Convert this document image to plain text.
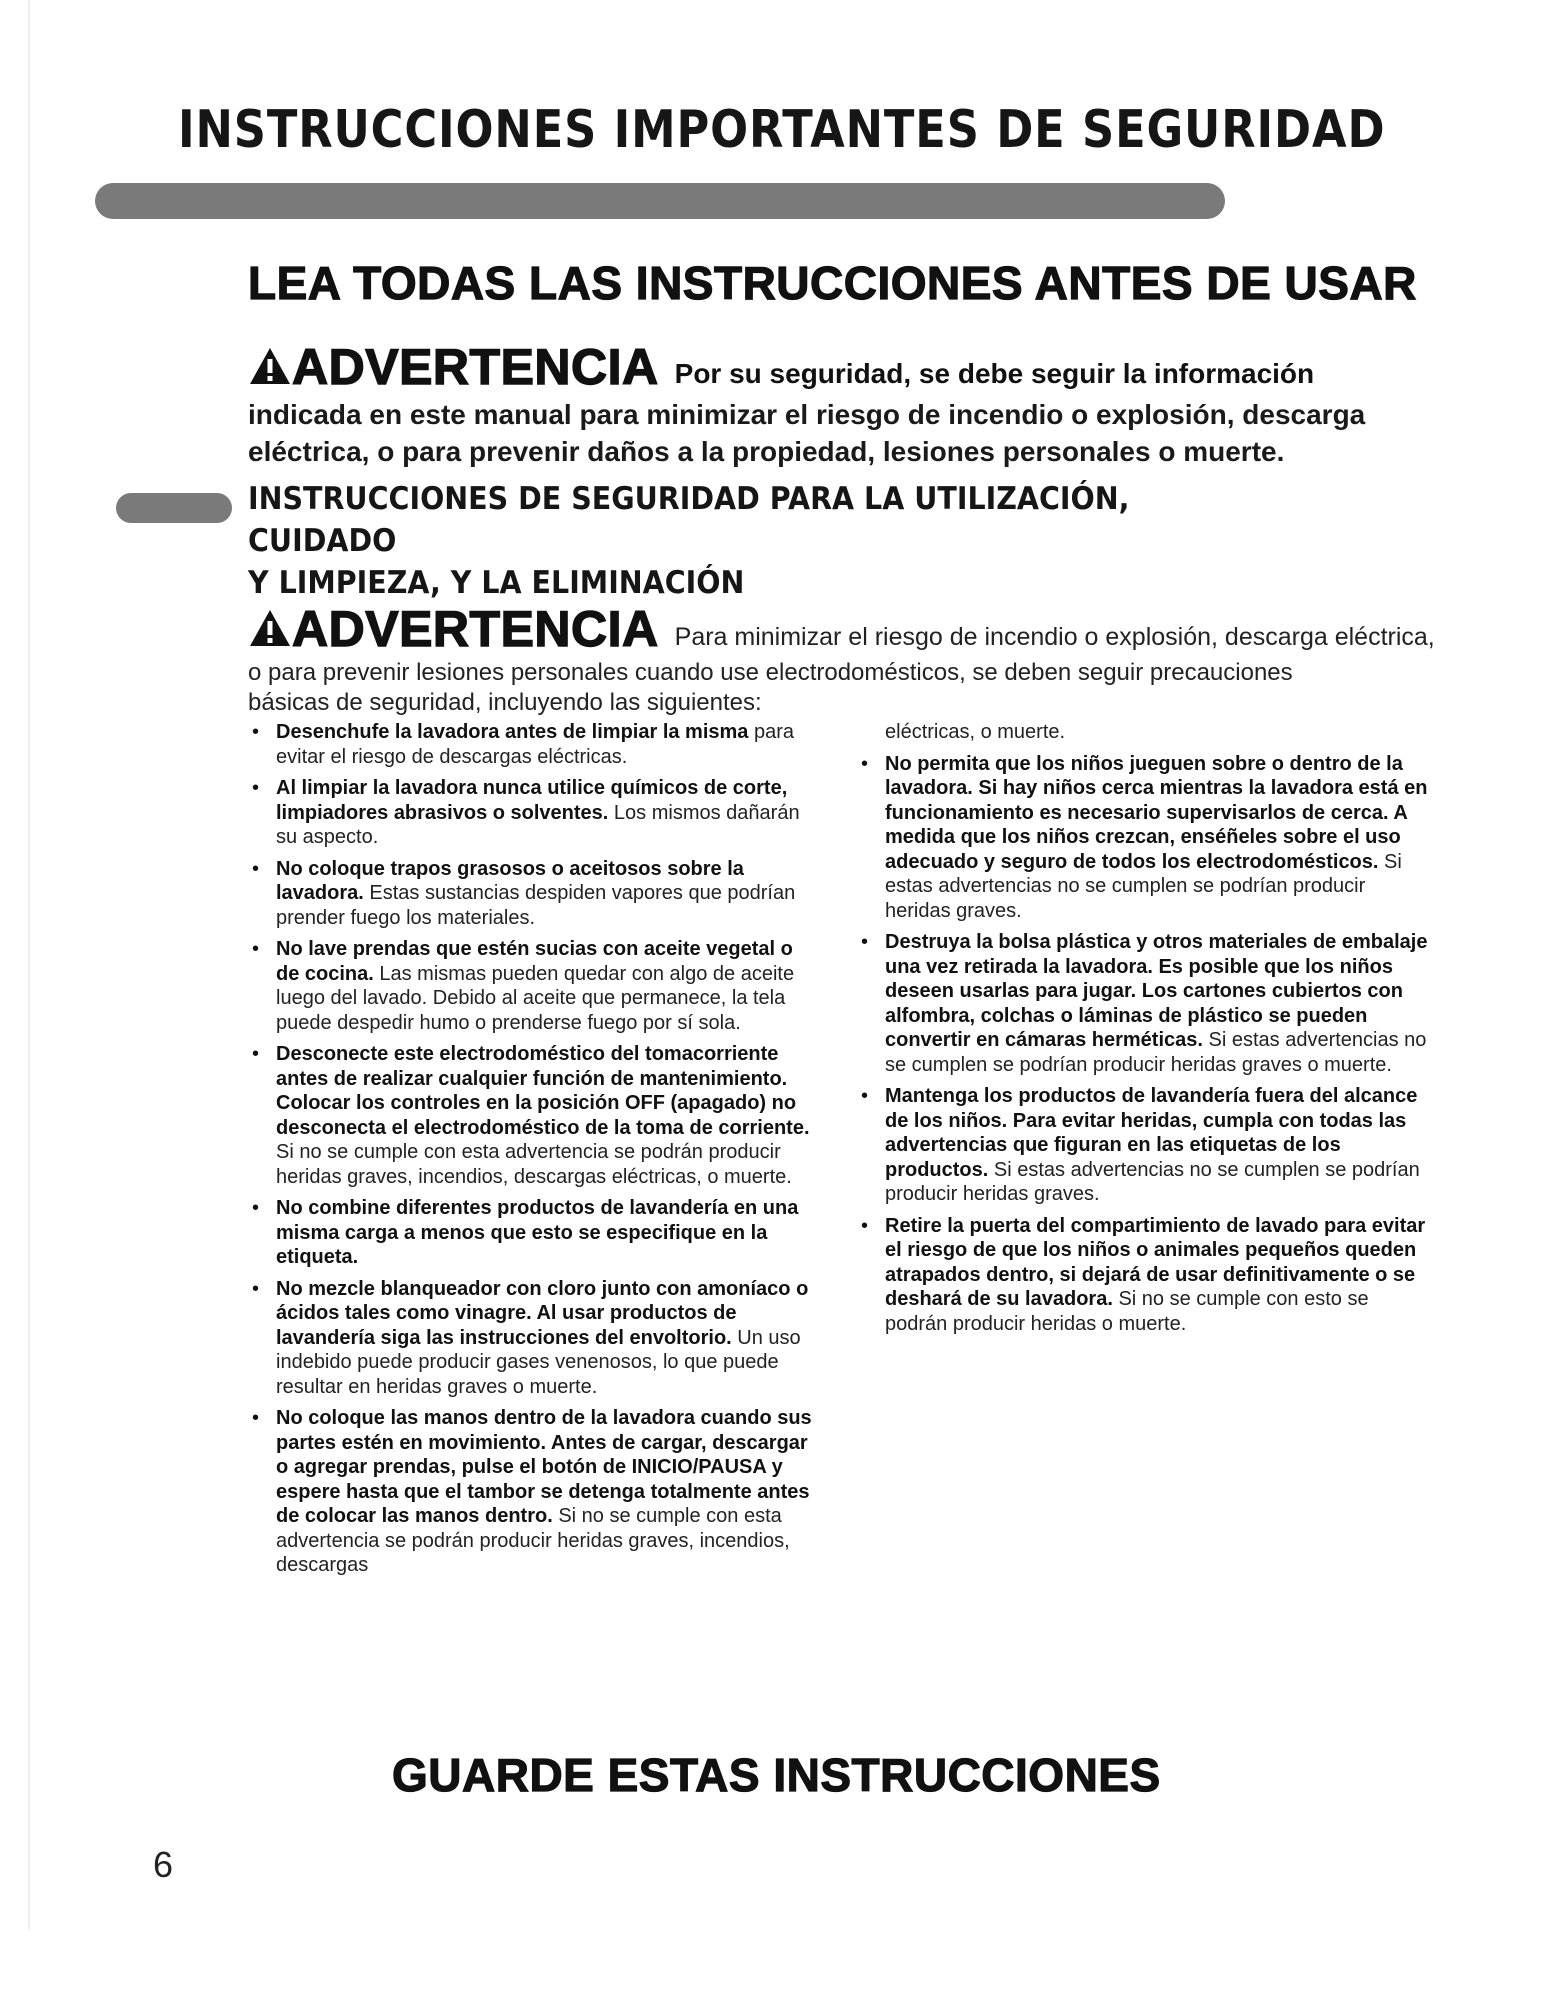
INSTRUCCIONES IMPORTANTES DE SEGURIDAD
LEA TODAS LAS INSTRUCCIONES ANTES DE USAR
ADVERTENCIA Por su seguridad, se debe seguir la información
indicada en este manual para minimizar el riesgo de incendio o explosión, descarga eléctrica, o para prevenir daños a la propiedad, lesiones personales o muerte.
INSTRUCCIONES DE SEGURIDAD PARA LA UTILIZACIÓN, CUIDADO
Y LIMPIEZA, Y LA ELIMINACIÓN
ADVERTENCIA Para minimizar el riesgo de incendio o explosión, descarga eléctrica,
o para prevenir lesiones personales cuando use electrodomésticos, se deben seguir precauciones básicas de seguridad, incluyendo las siguientes:
• Desenchufe la lavadora antes de limpiar la misma para evitar el riesgo de descargas eléctricas.
• Al limpiar la lavadora nunca utilice químicos de corte, limpiadores abrasivos o solventes. Los mismos dañarán su aspecto.
• No coloque trapos grasosos o aceitosos sobre la lavadora. Estas sustancias despiden vapores que podrían prender fuego los materiales.
• No lave prendas que estén sucias con aceite vegetal o de cocina. Las mismas pueden quedar con algo de aceite luego del lavado. Debido al aceite que permanece, la tela puede despedir humo o prenderse fuego por sí sola.
• Desconecte este electrodoméstico del tomacorriente antes de realizar cualquier función de mantenimiento. Colocar los controles en la posición OFF (apagado) no desconecta el electrodoméstico de la toma de corriente. Si no se cumple con esta advertencia se podrán producir heridas graves, incendios, descargas eléctricas, o muerte.
• No combine diferentes productos de lavandería en una misma carga a menos que esto se especifique en la etiqueta.
• No mezcle blanqueador con cloro junto con amoníaco o ácidos tales como vinagre. Al usar productos de lavandería siga las instrucciones del envoltorio. Un uso indebido puede producir gases venenosos, lo que puede resultar en heridas graves o muerte.
• No coloque las manos dentro de la lavadora cuando sus partes estén en movimiento. Antes de cargar, descargar o agregar prendas, pulse el botón de INICIO/PAUSA y espere hasta que el tambor se detenga totalmente antes de colocar las manos dentro. Si no se cumple con esta advertencia se podrán producir heridas graves, incendios, descargas
eléctricas, o muerte.
• No permita que los niños jueguen sobre o dentro de la lavadora. Si hay niños cerca mientras la lavadora está en funcionamiento es necesario supervisarlos de cerca. A medida que los niños crezcan, enséñeles sobre el uso adecuado y seguro de todos los electrodomésticos. Si estas advertencias no se cumplen se podrían producir heridas graves.
• Destruya la bolsa plástica y otros materiales de embalaje una vez retirada la lavadora. Es posible que los niños deseen usarlas para jugar. Los cartones cubiertos con alfombra, colchas o láminas de plástico se pueden convertir en cámaras herméticas. Si estas advertencias no se cumplen se podrían producir heridas graves o muerte.
• Mantenga los productos de lavandería fuera del alcance de los niños. Para evitar heridas, cumpla con todas las advertencias que figuran en las etiquetas de los productos. Si estas advertencias no se cumplen se podrían producir heridas graves.
• Retire la puerta del compartimiento de lavado para evitar el riesgo de que los niños o animales pequeños queden atrapados dentro, si dejará de usar definitivamente o se deshará de su lavadora. Si no se cumple con esto se podrán producir heridas o muerte.
GUARDE ESTAS INSTRUCCIONES
6
